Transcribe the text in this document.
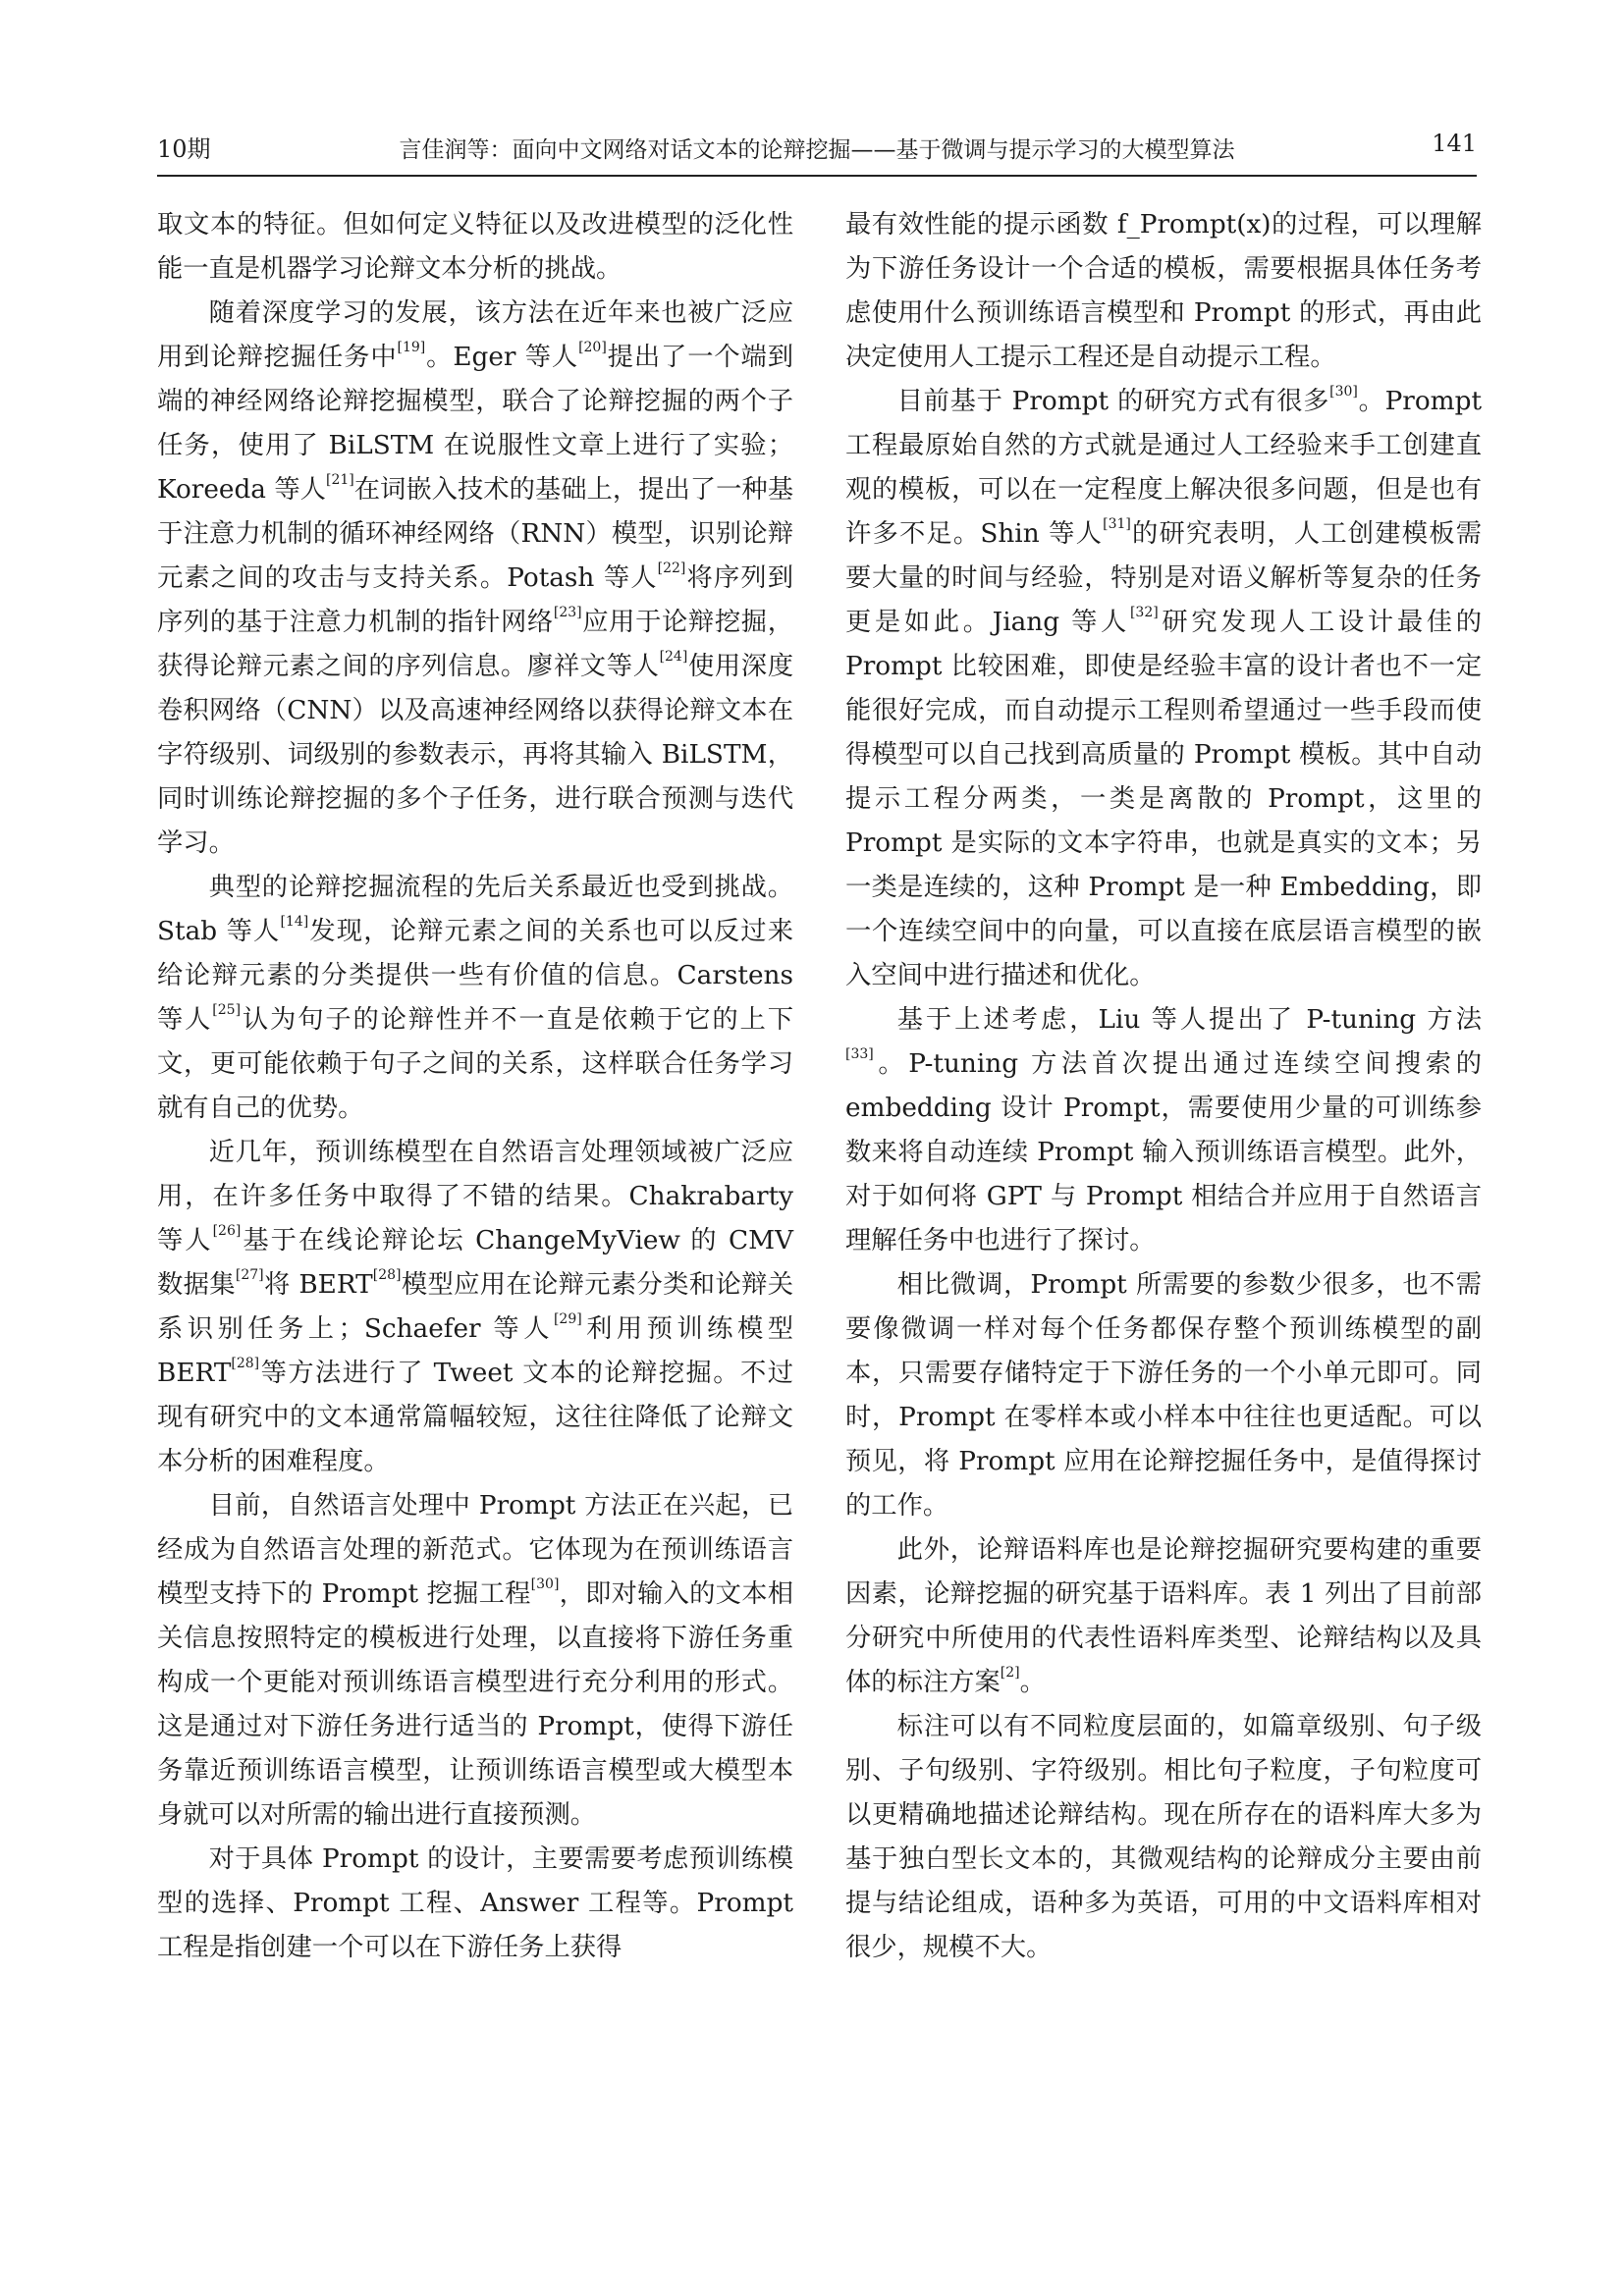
10期	言佳润等：面向中文网络对话文本的论辩挖掘——基于微调与提示学习的大模型算法	141

取文本的特征。但如何定义特征以及改进模型的泛化性能一直是机器学习论辩文本分析的挑战。

随着深度学习的发展，该方法在近年来也被广泛应用到论辩挖掘任务中[19]。Eger 等人[20]提出了一个端到端的神经网络论辩挖掘模型，联合了论辩挖掘的两个子任务，使用了 BiLSTM 在说服性文章上进行了实验；Koreeda 等人[21]在词嵌入技术的基础上，提出了一种基于注意力机制的循环神经网络（RNN）模型，识别论辩元素之间的攻击与支持关系。Potash 等人[22]将序列到序列的基于注意力机制的指针网络[23]应用于论辩挖掘，获得论辩元素之间的序列信息。廖祥文等人[24]使用深度卷积网络（CNN）以及高速神经网络以获得论辩文本在字符级别、词级别的参数表示，再将其输入 BiLSTM，同时训练论辩挖掘的多个子任务，进行联合预测与迭代学习。

典型的论辩挖掘流程的先后关系最近也受到挑战。Stab 等人[14]发现，论辩元素之间的关系也可以反过来给论辩元素的分类提供一些有价值的信息。Carstens 等人[25]认为句子的论辩性并不一直是依赖于它的上下文，更可能依赖于句子之间的关系，这样联合任务学习就有自己的优势。

近几年，预训练模型在自然语言处理领域被广泛应用，在许多任务中取得了不错的结果。Chakrabarty 等人[26]基于在线论辩论坛 ChangeMyView 的 CMV 数据集[27]将 BERT[28]模型应用在论辩元素分类和论辩关系识别任务上；Schaefer 等人[29]利用预训练模型 BERT[28]等方法进行了 Tweet 文本的论辩挖掘。不过现有研究中的文本通常篇幅较短，这往往降低了论辩文本分析的困难程度。

目前，自然语言处理中 Prompt 方法正在兴起，已经成为自然语言处理的新范式。它体现为在预训练语言模型支持下的 Prompt 挖掘工程[30]，即对输入的文本相关信息按照特定的模板进行处理，以直接将下游任务重构成一个更能对预训练语言模型进行充分利用的形式。这是通过对下游任务进行适当的 Prompt，使得下游任务靠近预训练语言模型，让预训练语言模型或大模型本身就可以对所需的输出进行直接预测。

对于具体 Prompt 的设计，主要需要考虑预训练模型的选择、Prompt 工程、Answer 工程等。Prompt 工程是指创建一个可以在下游任务上获得

最有效性能的提示函数 f_Prompt(x)的过程，可以理解为下游任务设计一个合适的模板，需要根据具体任务考虑使用什么预训练语言模型和 Prompt 的形式，再由此决定使用人工提示工程还是自动提示工程。

目前基于 Prompt 的研究方式有很多[30]。Prompt 工程最原始自然的方式就是通过人工经验来手工创建直观的模板，可以在一定程度上解决很多问题，但是也有许多不足。Shin 等人[31]的研究表明，人工创建模板需要大量的时间与经验，特别是对语义解析等复杂的任务更是如此。Jiang 等人[32]研究发现人工设计最佳的 Prompt 比较困难，即使是经验丰富的设计者也不一定能很好完成，而自动提示工程则希望通过一些手段而使得模型可以自己找到高质量的 Prompt 模板。其中自动提示工程分两类，一类是离散的 Prompt，这里的 Prompt 是实际的文本字符串，也就是真实的文本；另一类是连续的，这种 Prompt 是一种 Embedding，即一个连续空间中的向量，可以直接在底层语言模型的嵌入空间中进行描述和优化。

基于上述考虑，Liu 等人提出了 P-tuning 方法[33]。P-tuning 方法首次提出通过连续空间搜索的 embedding 设计 Prompt，需要使用少量的可训练参数来将自动连续 Prompt 输入预训练语言模型。此外，对于如何将 GPT 与 Prompt 相结合并应用于自然语言理解任务中也进行了探讨。

相比微调，Prompt 所需要的参数少很多，也不需要像微调一样对每个任务都保存整个预训练模型的副本，只需要存储特定于下游任务的一个小单元即可。同时，Prompt 在零样本或小样本中往往也更适配。可以预见，将 Prompt 应用在论辩挖掘任务中，是值得探讨的工作。

此外，论辩语料库也是论辩挖掘研究要构建的重要因素，论辩挖掘的研究基于语料库。表 1 列出了目前部分研究中所使用的代表性语料库类型、论辩结构以及具体的标注方案[2]。

标注可以有不同粒度层面的，如篇章级别、句子级别、子句级别、字符级别。相比句子粒度，子句粒度可以更精确地描述论辩结构。现在所存在的语料库大多为基于独白型长文本的，其微观结构的论辩成分主要由前提与结论组成，语种多为英语，可用的中文语料库相对很少，规模不大。
